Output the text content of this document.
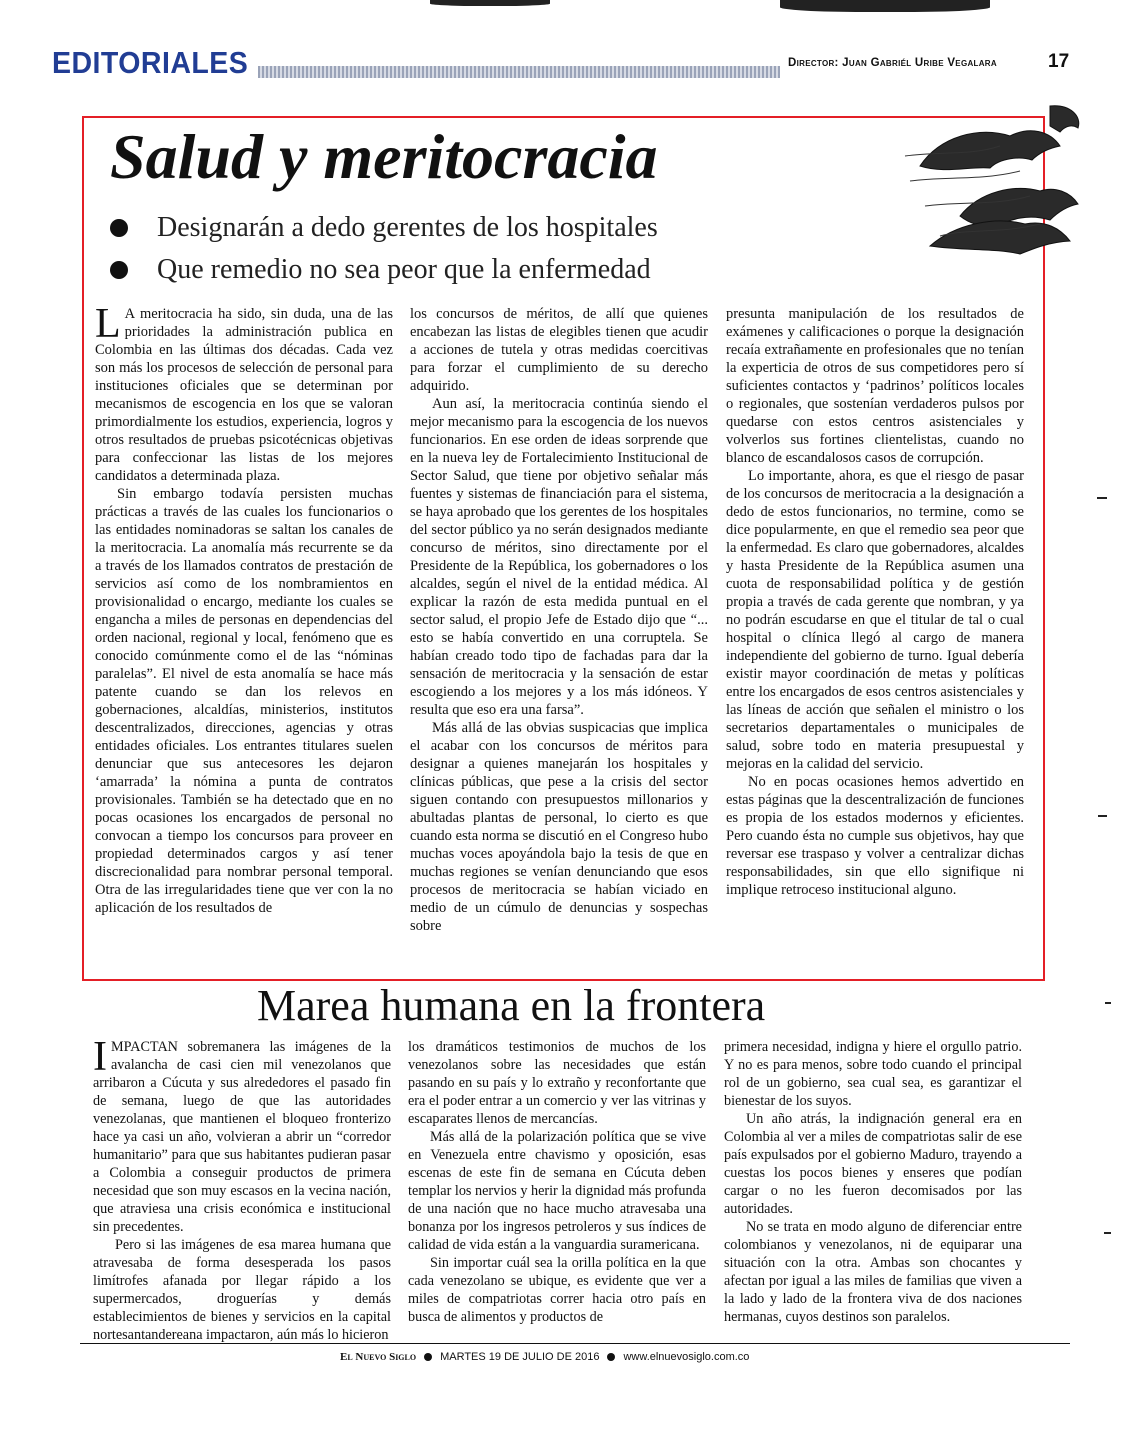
EDITORIALES	Director: Juan Gabriél Uribe Vegalara	17
Salud y meritocracia
Designarán a dedo gerentes de los hospitales
Que remedio no sea peor que la enfermedad

L A meritocracia ha sido, sin duda, una de las prioridades la administración publica en Colombia en las últimas dos décadas. Cada vez son más los procesos de selección de personal para instituciones oficiales que se determinan por mecanismos de escogencia en los que se valoran primordialmente los estudios, experiencia, logros y otros resultados de pruebas psicotécnicas objetivas para confeccionar las listas de los mejores candidatos a determinada plaza.

Sin embargo todavía persisten muchas prácticas a través de las cuales los funcionarios o las entidades nominadoras se saltan los canales de la meritocracia. La anomalía más recurrente se da a través de los llamados contratos de prestación de servicios así como de los nombramientos en provisionalidad o encargo, mediante los cuales se engancha a miles de personas en dependencias del orden nacional, regional y local, fenómeno que es conocido comúnmente como el de las “nóminas paralelas”. El nivel de esta anomalía se hace más patente cuando se dan los relevos en gobernaciones, alcaldías, ministerios, institutos descentralizados, direcciones, agencias y otras entidades oficiales. Los entrantes titulares suelen denunciar que sus antecesores les dejaron ‘amarrada’ la nómina a punta de contratos provisionales. También se ha detectado que en no pocas ocasiones los encargados de personal no convocan a tiempo los concursos para proveer en propiedad determinados cargos y así tener discrecionalidad para nombrar personal temporal. Otra de las irregularidades tiene que ver con la no aplicación de los resultados de

los concursos de méritos, de allí que quienes encabezan las listas de elegibles tienen que acudir a acciones de tutela y otras medidas coercitivas para forzar el cumplimiento de su derecho adquirido.

Aun así, la meritocracia continúa siendo el mejor mecanismo para la escogencia de los nuevos funcionarios. En ese orden de ideas sorprende que en la nueva ley de Fortalecimiento Institucional de Sector Salud, que tiene por objetivo señalar más fuentes y sistemas de financiación para el sistema, se haya aprobado que los gerentes de los hospitales del sector público ya no serán designados mediante concurso de méritos, sino directamente por el Presidente de la República, los gobernadores o los alcaldes, según el nivel de la entidad médica. Al explicar la razón de esta medida puntual en el sector salud, el propio Jefe de Estado dijo que “... esto se había convertido en una corruptela. Se habían creado todo tipo de fachadas para dar la sensación de meritocracia y la sensación de estar escogiendo a los mejores y a los más idóneos. Y resulta que eso era una farsa”.

Más allá de las obvias suspicacias que implica el acabar con los concursos de méritos para designar a quienes manejarán los hospitales y clínicas públicas, que pese a la crisis del sector siguen contando con presupuestos millonarios y abultadas plantas de personal, lo cierto es que cuando esta norma se discutió en el Congreso hubo muchas voces apoyándola bajo la tesis de que en muchas regiones se venían denunciando que esos procesos de meritocracia se habían viciado en medio de un cúmulo de denuncias y sospechas sobre

presunta manipulación de los resultados de exámenes y calificaciones o porque la designación recaía extrañamente en profesionales que no tenían la experticia de otros de sus competidores pero sí suficientes contactos y ‘padrinos’ políticos locales o regionales, que sostenían verdaderos pulsos por quedarse con estos centros asistenciales y volverlos sus fortines clientelistas, cuando no blanco de escandalosos casos de corrupción.

Lo importante, ahora, es que el riesgo de pasar de los concursos de meritocracia a la designación a dedo de estos funcionarios, no termine, como se dice popularmente, en que el remedio sea peor que la enfermedad. Es claro que gobernadores, alcaldes y hasta Presidente de la República asumen una cuota de responsabilidad política y de gestión propia a través de cada gerente que nombran, y ya no podrán escudarse en que el titular de tal o cual hospital o clínica llegó al cargo de manera independiente del gobierno de turno. Igual debería existir mayor coordinación de metas y políticas entre los encargados de esos centros asistenciales y las líneas de acción que señalen el ministro o los secretarios departamentales o municipales de salud, sobre todo en materia presupuestal y mejoras en la calidad del servicio.

No en pocas ocasiones hemos advertido en estas páginas que la descentralización de funciones es propia de los estados modernos y eficientes. Pero cuando ésta no cumple sus objetivos, hay que reversar ese traspaso y volver a centralizar dichas responsabilidades, sin que ello signifique ni implique retroceso institucional alguno.

Marea humana en la frontera

IMPACTAN sobremanera las imágenes de la avalancha de casi cien mil venezolanos que arribaron a Cúcuta y sus alrededores el pasado fin de semana, luego de que las autoridades venezolanas, que mantienen el bloqueo fronterizo hace ya casi un año, volvieran a abrir un “corredor humanitario” para que sus habitantes pudieran pasar a Colombia a conseguir productos de primera necesidad que son muy escasos en la vecina nación, que atraviesa una crisis económica e institucional sin precedentes.

Pero si las imágenes de esa marea humana que atravesaba de forma desesperada los pasos limítrofes afanada por llegar rápido a los supermercados, droguerías y demás establecimientos de bienes y servicios en la capital nortesantandereana impactaron, aún más lo hicieron

los dramáticos testimonios de muchos de los venezolanos sobre las necesidades que están pasando en su país y lo extraño y reconfortante que era el poder entrar a un comercio y ver las vitrinas y escaparates llenos de mercancías.

Más allá de la polarización política que se vive en Venezuela entre chavismo y oposición, esas escenas de este fin de semana en Cúcuta deben templar los nervios y herir la dignidad más profunda de una nación que no hace mucho atravesaba una bonanza por los ingresos petroleros y sus índices de calidad de vida están a la vanguardia suramericana.

Sin importar cuál sea la orilla política en la que cada venezolano se ubique, es evidente que ver a miles de compatriotas correr hacia otro país en busca de alimentos y productos de

primera necesidad, indigna y hiere el orgullo patrio. Y no es para menos, sobre todo cuando el principal rol de un gobierno, sea cual sea, es garantizar el bienestar de los suyos.

Un año atrás, la indignación general era en Colombia al ver a miles de compatriotas salir de ese país expulsados por el gobierno Maduro, trayendo a cuestas los pocos bienes y enseres que podían cargar o no les fueron decomisados por las autoridades.

No se trata en modo alguno de diferenciar entre colombianos y venezolanos, ni de equiparar una situación con la otra. Ambas son chocantes y afectan por igual a las miles de familias que viven a la lado y lado de la frontera viva de dos naciones hermanas, cuyos destinos son paralelos.

El Nuevo Siglo MARTES 19 DE JULIO DE 2016 www.elnuevosiglo.com.co
